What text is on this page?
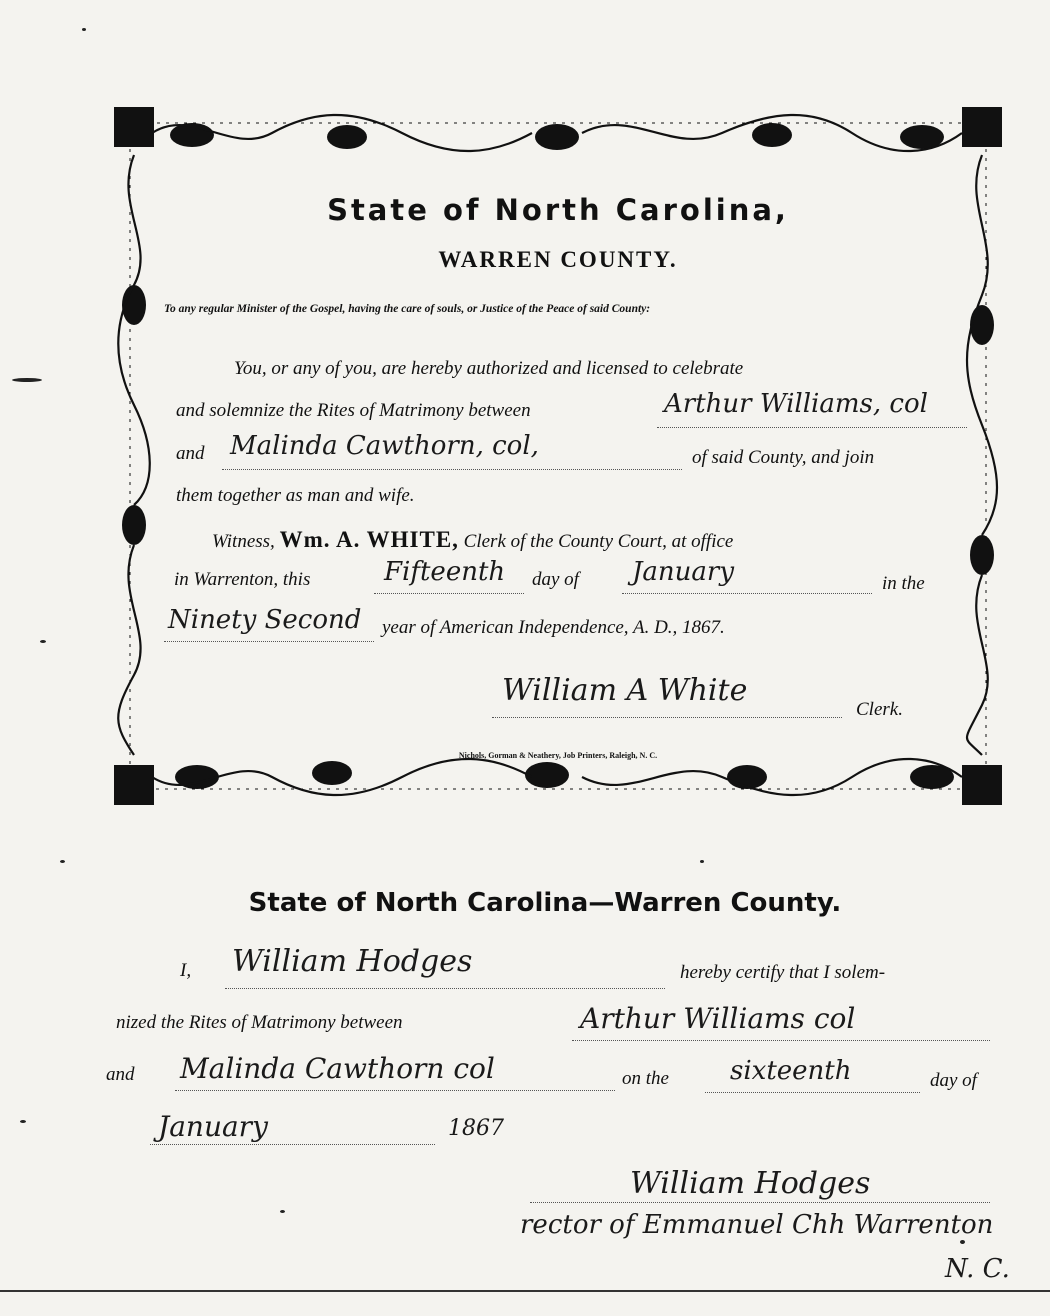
State of North Carolina,
WARREN COUNTY.
To any regular Minister of the Gospel, having the care of souls, or Justice of the Peace of said County:
You, or any of you, are hereby authorized and licensed to celebrate
and solemnize the Rites of Matrimony between	Arthur Williams, col
and Malinda Cawthorn, col,	of said County, and join
them together as man and wife.
Witness, Wm. A. WHITE, Clerk of the County Court, at office
in Warrenton, this	Fifteenth day of January	in the
Ninety Second year of American Independence, A. D., 1867.
William A White
Clerk.
Nichols, Gorman & Neathery, Job Printers, Raleigh, N. C.
State of North Carolina—Warren County.
I, William Hodges	hereby certify that I solem-
nized the Rites of Matrimony between	Arthur Williams col
and Malinda Cawthorn col	on the sixteenth	day of
January	1867
William Hodges
rector of Emmanuel Chh Warrenton
N. C.
